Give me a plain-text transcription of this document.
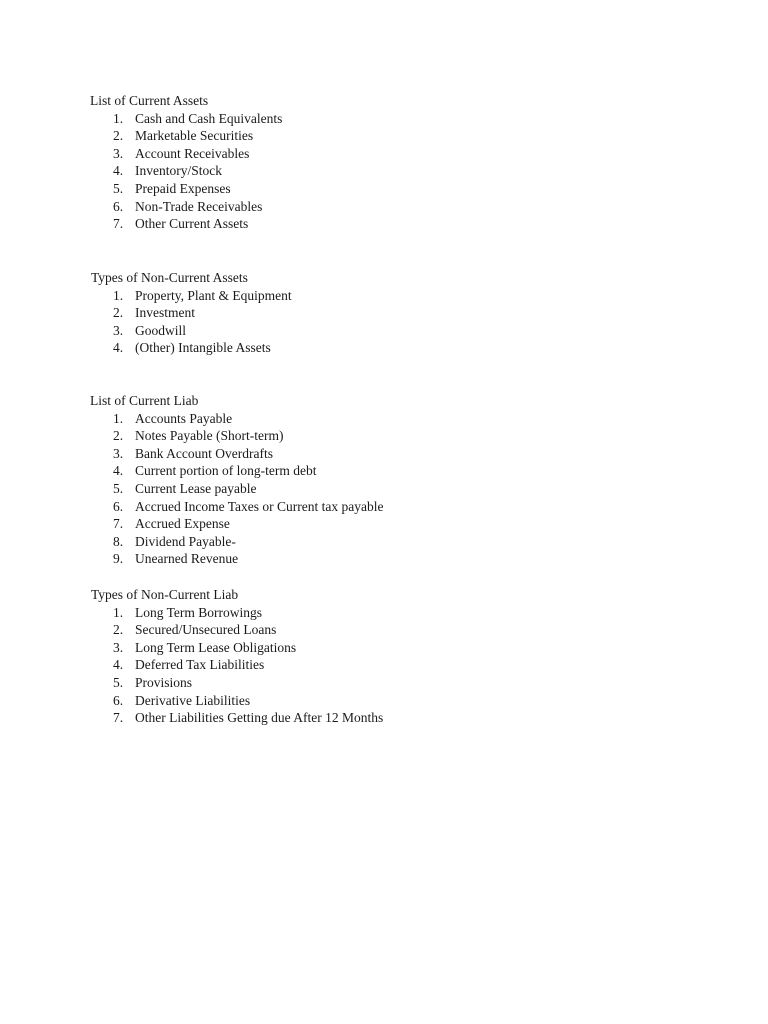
List of Current Assets
1. Cash and Cash Equivalents
2. Marketable Securities
3. Account Receivables
4. Inventory/Stock
5. Prepaid Expenses
6. Non-Trade Receivables
7. Other Current Assets
Types of Non-Current Assets
1. Property, Plant & Equipment
2. Investment
3. Goodwill
4. (Other) Intangible Assets
List of Current Liab
1. Accounts Payable
2. Notes Payable (Short-term)
3. Bank Account Overdrafts
4. Current portion of long-term debt
5. Current Lease payable
6. Accrued Income Taxes or Current tax payable
7. Accrued Expense
8. Dividend Payable-
9. Unearned Revenue
Types of Non-Current Liab
1. Long Term Borrowings
2. Secured/Unsecured Loans
3. Long Term Lease Obligations
4. Deferred Tax Liabilities
5. Provisions
6. Derivative Liabilities
7. Other Liabilities Getting due After 12 Months
